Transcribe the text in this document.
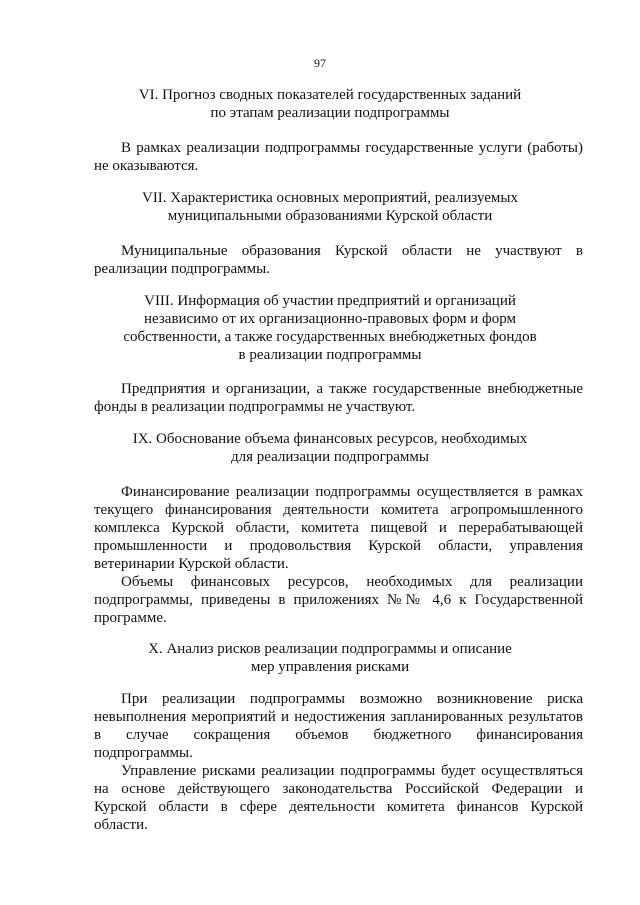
97
VI. Прогноз сводных показателей государственных заданий
по этапам реализации подпрограммы
В рамках реализации подпрограммы государственные услуги (работы)
не оказываются.
VII. Характеристика основных мероприятий, реализуемых
муниципальными образованиями Курской области
Муниципальные образования Курской области не участвуют в
реализации подпрограммы.
VIII. Информация об участии предприятий и организаций
независимо от их организационно-правовых форм и форм
собственности, а также государственных внебюджетных фондов
в реализации подпрограммы
Предприятия и организации, а также государственные внебюджетные
фонды в реализации подпрограммы не участвуют.
IX. Обоснование объема финансовых ресурсов, необходимых
для реализации подпрограммы
Финансирование реализации подпрограммы осуществляется в рамках
текущего финансирования деятельности комитета агропромышленного
комплекса Курской области, комитета пищевой и перерабатывающей
промышленности и продовольствия Курской области, управления
ветеринарии Курской области.
Объемы финансовых ресурсов, необходимых для реализации
подпрограммы, приведены в приложениях №№ 4,6 к Государственной
программе.
X. Анализ рисков реализации подпрограммы и описание
мер управления рисками
При реализации подпрограммы возможно возникновение риска
невыполнения мероприятий и недостижения запланированных результатов
в случае сокращения объемов бюджетного финансирования
подпрограммы.
Управление рисками реализации подпрограммы будет осуществляться
на основе действующего законодательства Российской Федерации и
Курской области в сфере деятельности комитета финансов Курской
области.
